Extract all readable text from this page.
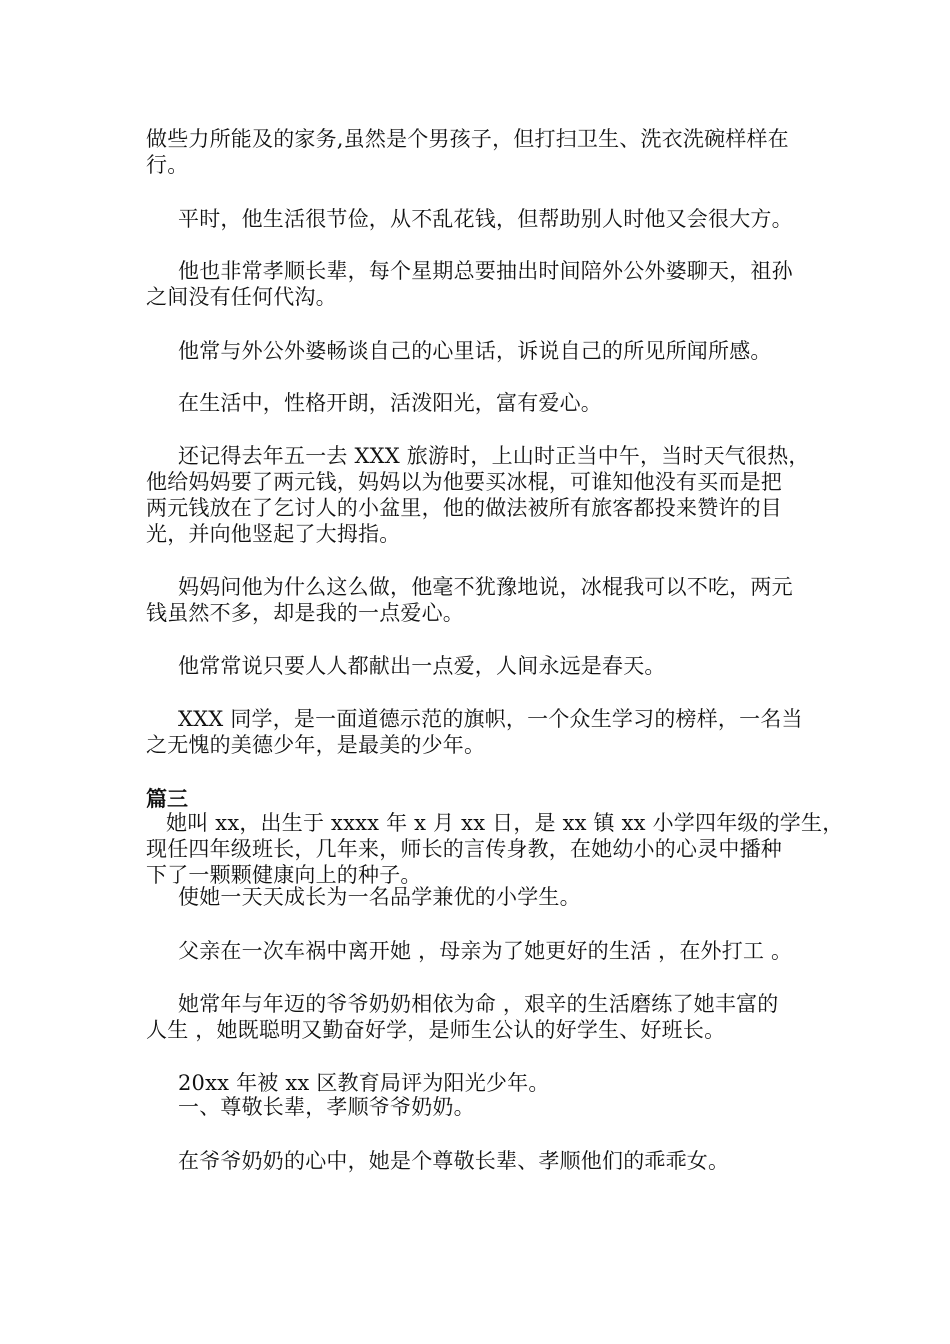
做些力所能及的家务,虽然是个男孩子，但打扫卫生、洗衣洗碗样样在
行。
平时，他生活很节俭，从不乱花钱，但帮助别人时他又会很大方。
他也非常孝顺长辈，每个星期总要抽出时间陪外公外婆聊天，祖孙
之间没有任何代沟。
他常与外公外婆畅谈自己的心里话，诉说自己的所见所闻所感。
在生活中，性格开朗，活泼阳光，富有爱心。
还记得去年五一去 XXX 旅游时，上山时正当中午，当时天气很热，
他给妈妈要了两元钱，妈妈以为他要买冰棍，可谁知他没有买而是把
两元钱放在了乞讨人的小盆里，他的做法被所有旅客都投来赞许的目
光，并向他竖起了大拇指。
妈妈问他为什么这么做，他毫不犹豫地说，冰棍我可以不吃，两元
钱虽然不多，却是我的一点爱心。
他常常说只要人人都献出一点爱，人间永远是春天。
XXX 同学，是一面道德示范的旗帜，一个众生学习的榜样，一名当
之无愧的美德少年，是最美的少年。
篇三
她叫 xx，出生于 xxxx 年 x 月 xx 日，是 xx 镇 xx 小学四年级的学生，
现任四年级班长，几年来，师长的言传身教，在她幼小的心灵中播种
下了一颗颗健康向上的种子。
使她一天天成长为一名品学兼优的小学生。
父亲在一次车祸中离开她 ，母亲为了她更好的生活 ，在外打工 。
她常年与年迈的爷爷奶奶相依为命 ，艰辛的生活磨练了她丰富的
人生 ，她既聪明又勤奋好学，是师生公认的好学生、好班长。
20xx 年被 xx 区教育局评为阳光少年。
一、尊敬长辈，孝顺爷爷奶奶。
在爷爷奶奶的心中，她是个尊敬长辈、孝顺他们的乖乖女。
